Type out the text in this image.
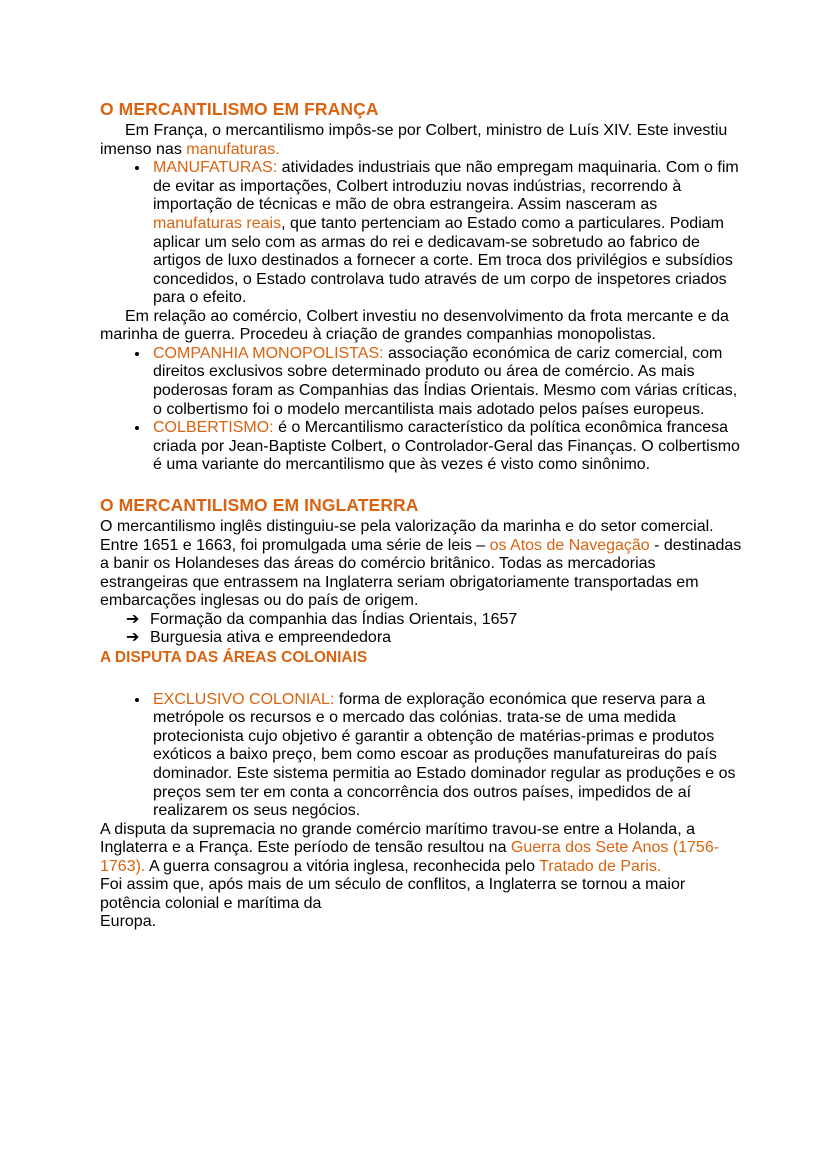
O MERCANTILISMO EM FRANÇA

Em França, o mercantilismo impôs-se por Colbert, ministro de Luís XIV. Este investiu imenso nas manufaturas.

• MANUFATURAS: atividades industriais que não empregam maquinaria. Com o fim de evitar as importações, Colbert introduziu novas indústrias, recorrendo à importação de técnicas e mão de obra estrangeira. Assim nasceram as manufaturas reais, que tanto pertenciam ao Estado como a particulares. Podiam aplicar um selo com as armas do rei e dedicavam-se sobretudo ao fabrico de artigos de luxo destinados a fornecer a corte. Em troca dos privilégios e subsídios concedidos, o Estado controlava tudo através de um corpo de inspetores criados para o efeito.

Em relação ao comércio, Colbert investiu no desenvolvimento da frota mercante e da marinha de guerra. Procedeu à criação de grandes companhias monopolistas.

• COMPANHIA MONOPOLISTAS: associação económica de cariz comercial, com direitos exclusivos sobre determinado produto ou área de comércio. As mais poderosas foram as Companhias das Índias Orientais. Mesmo com várias críticas, o colbertismo foi o modelo mercantilista mais adotado pelos países europeus.
• COLBERTISMO: é o Mercantilismo característico da política econômica francesa criada por Jean-Baptiste Colbert, o Controlador-Geral das Finanças. O colbertismo é uma variante do mercantilismo que às vezes é visto como sinônimo.
O MERCANTILISMO EM INGLATERRA

O mercantilismo inglês distinguiu-se pela valorização da marinha e do setor comercial. Entre 1651 e 1663, foi promulgada uma série de leis – os Atos de Navegação - destinadas a banir os Holandeses das áreas do comércio britânico. Todas as mercadorias estrangeiras que entrassem na Inglaterra seriam obrigatoriamente transportadas em embarcações inglesas ou do país de origem.

➔ Formação da companhia das Índias Orientais, 1657

➔ Burguesia ativa e empreendedora

A DISPUTA DAS ÁREAS COLONIAIS
• EXCLUSIVO COLONIAL: forma de exploração económica que reserva para a metrópole os recursos e o mercado das colónias. trata-se de uma medida protecionista cujo objetivo é garantir a obtenção de matérias-primas e produtos exóticos a baixo preço, bem como escoar as produções manufatureiras do país dominador. Este sistema permitia ao Estado dominador regular as produções e os preços sem ter em conta a concorrência dos outros países, impedidos de aí realizarem os seus negócios.

A disputa da supremacia no grande comércio marítimo travou-se entre a Holanda, a Inglaterra e a França. Este período de tensão resultou na Guerra dos Sete Anos (1756-1763). A guerra consagrou a vitória inglesa, reconhecida pelo Tratado de Paris.

Foi assim que, após mais de um século de conflitos, a Inglaterra se tornou a maior potência colonial e marítima da
Europa.
